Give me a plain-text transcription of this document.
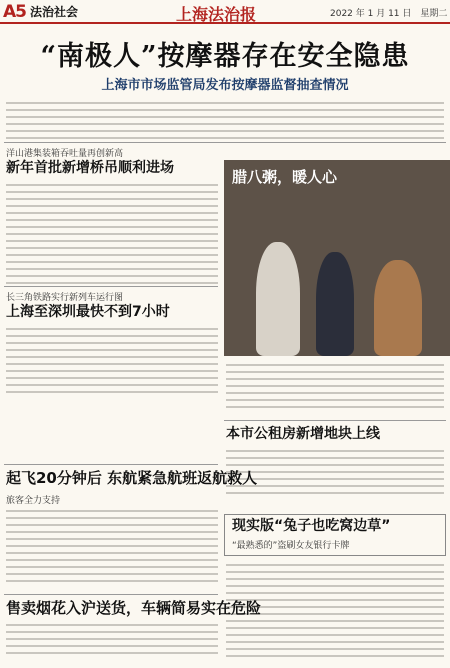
A5 法治社会	上海法治报	2022 年 1 月 11 日　星期二
“南极人”按摩器存在安全隐患
上海市市场监管局发布按摩器监督抽查情况
洋山港集装箱吞吐量再创新高
新年首批新增桥吊顺利进场	腊八粥，暖人心
长三角铁路实行新列车运行图
上海至深圳最快不到7小时
本市公租房新增地块上线
起飞20分钟后 东航紧急航班返航救人
旅客全力支持
现实版“兔子也吃窝边草”
“最熟悉的”盗刷女友银行卡牌
售卖烟花入沪送货，车辆简易实在危险
